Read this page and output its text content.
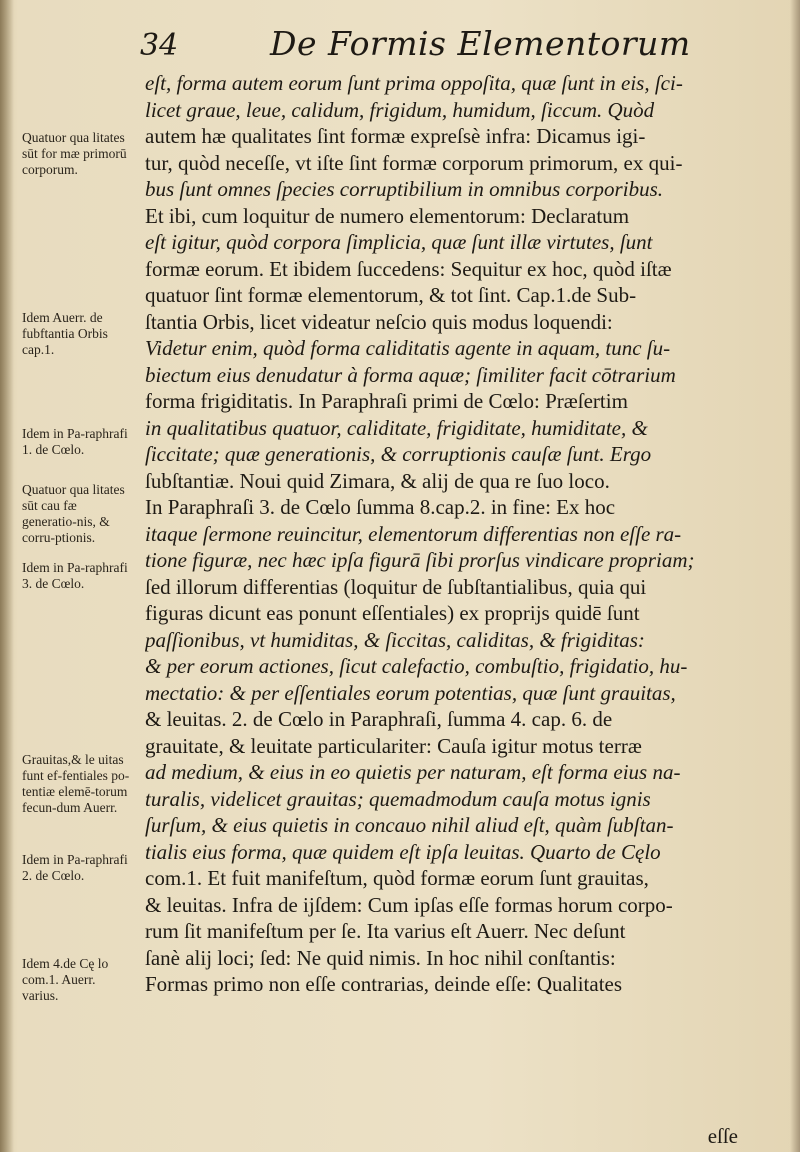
34	De Formis Elementorum
Quatuor qua litates sūt for mæ primorū corporum.
Idem Auerr. de fubftantia Orbis cap.1.
Idem in Pa-raphrafi 1. de Cœlo.
Quatuor qua litates sūt cau fæ generatio-nis, & corru-ptionis.
Idem in Pa-raphrafi 3. de Cœlo.
Grauitas,& le uitas funt ef-fentiales po-tentiæ elemē-torum fecun-dum Auerr.
Idem in Pa-raphrafi 2. de Cœlo.
Idem 4.de Cę lo com.1. Auerr. varius.
eſt, forma autem eorum ſunt prima oppoſita, quæ ſunt in eis, ſci-
licet graue, leue, calidum, frigidum, humidum, ſiccum. Quòd
autem hæ qualitates ſint formæ expreſsè infra: Dicamus igi-
tur, quòd neceſſe, vt iſte ſint formæ corporum primorum, ex qui-
bus ſunt omnes ſpecies corruptibilium in omnibus corporibus.
Et ibi, cum loquitur de numero elementorum: Declaratum
eſt igitur, quòd corpora ſimplicia, quæ ſunt illæ virtutes, ſunt
formæ eorum. Et ibidem ſuccedens: Sequitur ex hoc, quòd iſtæ
quatuor ſint formæ elementorum, & tot ſint. Cap.1.de Sub-
ſtantia Orbis, licet videatur neſcio quis modus loquendi:
Videtur enim, quòd forma caliditatis agente in aquam, tunc ſu-
biectum eius denudatur à forma aquæ; ſimiliter facit cōtrarium
forma frigiditatis. In Paraphraſi primi de Cœlo: Præſertim
in qualitatibus quatuor, caliditate, frigiditate, humiditate, &
ſiccitate; quæ generationis, & corruptionis cauſæ ſunt. Ergo
ſubſtantiæ. Noui quid Zimara, & alij de qua re ſuo loco.
In Paraphraſi 3. de Cœlo ſumma 8.cap.2. in fine: Ex hoc
itaque ſermone reuincitur, elementorum differentias non eſſe ra-
tione figuræ, nec hæc ipſa figurā ſibi prorſus vindicare propriam;
ſed illorum differentias (loquitur de ſubſtantialibus, quia qui
figuras dicunt eas ponunt eſſentiales) ex proprijs quidē ſunt
paſſionibus, vt humiditas, & ſiccitas, caliditas, & frigiditas:
& per eorum actiones, ſicut calefactio, combuſtio, frigidatio, hu-
mectatio: & per eſſentiales eorum potentias, quæ ſunt grauitas,
& leuitas. 2. de Cœlo in Paraphraſi, ſumma 4. cap. 6. de
grauitate, & leuitate particulariter: Cauſa igitur motus terræ
ad medium, & eius in eo quietis per naturam, eſt forma eius na-
turalis, videlicet grauitas; quemadmodum cauſa motus ignis
ſurſum, & eius quietis in concauo nihil aliud eſt, quàm ſubſtan-
tialis eius forma, quæ quidem eſt ipſa leuitas. Quarto de Cęlo
com.1. Et fuit manifeſtum, quòd formæ eorum ſunt grauitas,
& leuitas. Infra de ijſdem: Cum ipſas eſſe formas horum corpo-
rum ſit manifeſtum per ſe. Ita varius eſt Auerr. Nec deſunt
ſanè alij loci; ſed: Ne quid nimis. In hoc nihil conſtantis:
Formas primo non eſſe contrarias, deinde eſſe: Qualitates
eſſe
